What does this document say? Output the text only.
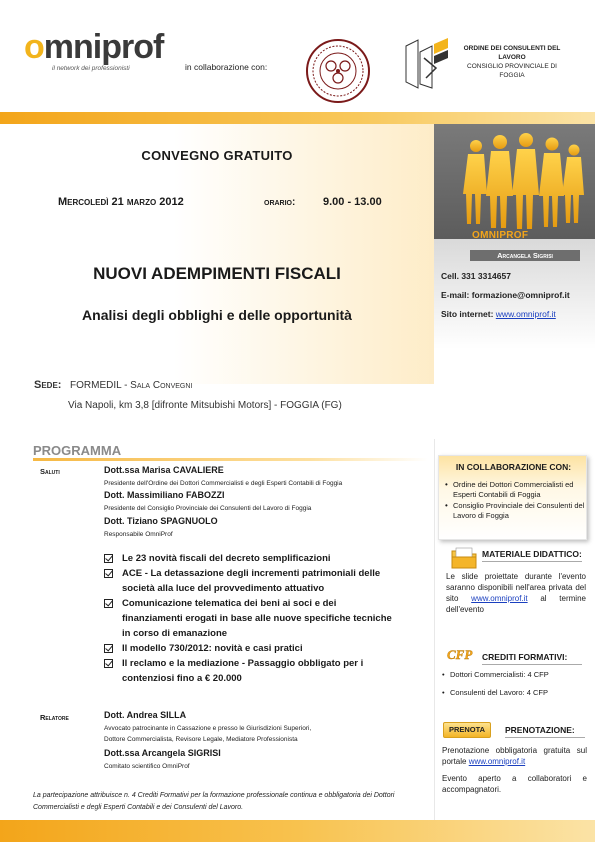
omniprof
il network dei professionisti	in collaborazione con:
ORDINE DEI CONSULENTI DEL
LAVORO
CONSIGLIO PROVINCIALE DI
FOGGIA
CONVEGNO GRATUITO
Mercoledì 21 marzo 2012	orario:	9.00 - 13.00
NUOVI ADEMPIMENTI FISCALI
Analisi degli obblighi e delle opportunità
Sede: FORMEDIL - Sala Convegni
Via Napoli, km 3,8 [difronte Mitsubishi Motors] - FOGGIA (FG)
PROGRAMMA
Saluti	Dott.ssa Marisa CAVALIERE
Presidente dell'Ordine dei Dottori Commercialisti e degli Esperti Contabili di Foggia
Dott. Massimiliano FABOZZI
Presidente del Consiglio Provinciale dei Consulenti del Lavoro di Foggia
Dott. Tiziano SPAGNUOLO
Responsabile OmniProf
Le 23 novità fiscali del decreto semplificazioni
ACE - La detassazione degli incrementi patrimoniali delle società alla luce del provvedimento attuativo
Comunicazione telematica dei beni ai soci e dei finanziamenti erogati in base alle nuove specifiche tecniche in corso di emanazione
Il modello 730/2012: novità e casi pratici
Il reclamo e la mediazione - Passaggio obbligato per i contenziosi fino a € 20.000
Relatore	Dott. Andrea SILLA
Avvocato patrocinante in Cassazione e presso le Giurisdizioni Superiori,
Dottore Commercialista, Revisore Legale, Mediatore Professionista
Dott.ssa Arcangela SIGRISI
Comitato scientifico OmniProf
La partecipazione attribuisce n. 4 Crediti Formativi per la formazione professionale continua e obbligatoria dei Dottori Commercialisti e degli Esperti Contabili e dei Consulenti del Lavoro.
OMNIPROF
Arcangela Sigrisi
Cell. 331 3314657
E-mail: formazione@omniprof.it
Sito internet: www.omniprof.it
IN COLLABORAZIONE CON:
• Ordine dei Dottori Commercialisti ed Esperti Contabili di Foggia
• Consiglio Provinciale dei Consulenti del Lavoro di Foggia
MATERIALE DIDATTICO:
Le slide proiettate durante l'evento saranno disponibili nell'area privata del sito www.omniprof.it al termine dell'evento
CFP CREDITI FORMATIVI:
• Dottori Commercialisti: 4 CFP
• Consulenti del Lavoro: 4 CFP
PRENOTA	PRENOTAZIONE:
Prenotazione obbligatoria gratuita sul portale www.omniprof.it
Evento aperto a collaboratori e accompagnatori.
